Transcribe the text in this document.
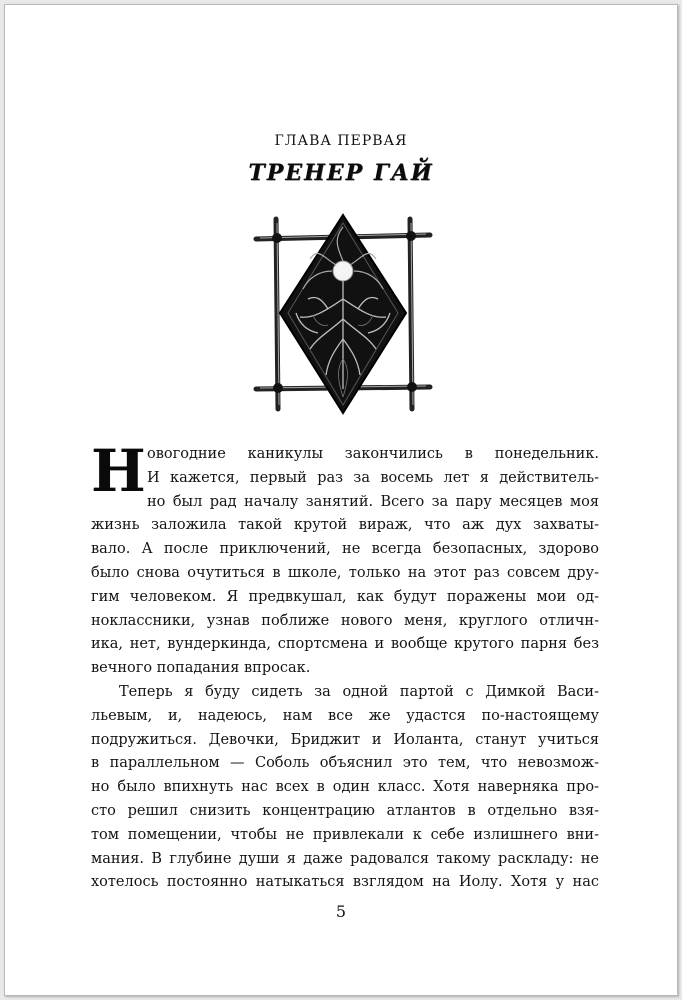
ГЛАВА ПЕРВАЯ
ТРЕНЕР ГАЙ
Н овогодние каникулы закончились в понедельник.
И кажется, первый раз за восемь лет я действитель-
но был рад началу занятий. Всего за пару месяцев моя
жизнь заложила такой крутой вираж, что аж дух захваты-
вало. А после приключений, не всегда безопасных, здорово
было снова очутиться в школе, только на этот раз совсем дру-
гим человеком. Я предвкушал, как будут поражены мои од-
ноклассники, узнав поближе нового меня, круглого отличн-
ика, нет, вундеркинда, спортсмена и вообще крутого парня без
вечного попадания впросак.
Теперь я буду сидеть за одной партой с Димкой Васи-
льевым, и, надеюсь, нам все же удастся по-настоящему
подружиться. Девочки, Бриджит и Иоланта, станут учиться
в параллельном — Соболь объяснил это тем, что невозмож-
но было впихнуть нас всех в один класс. Хотя наверняка про-
сто решил снизить концентрацию атлантов в отдельно взя-
том помещении, чтобы не привлекали к себе излишнего вни-
мания. В глубине души я даже радовался такому раскладу: не
хотелось постоянно натыкаться взглядом на Иолу. Хотя у нас
5
